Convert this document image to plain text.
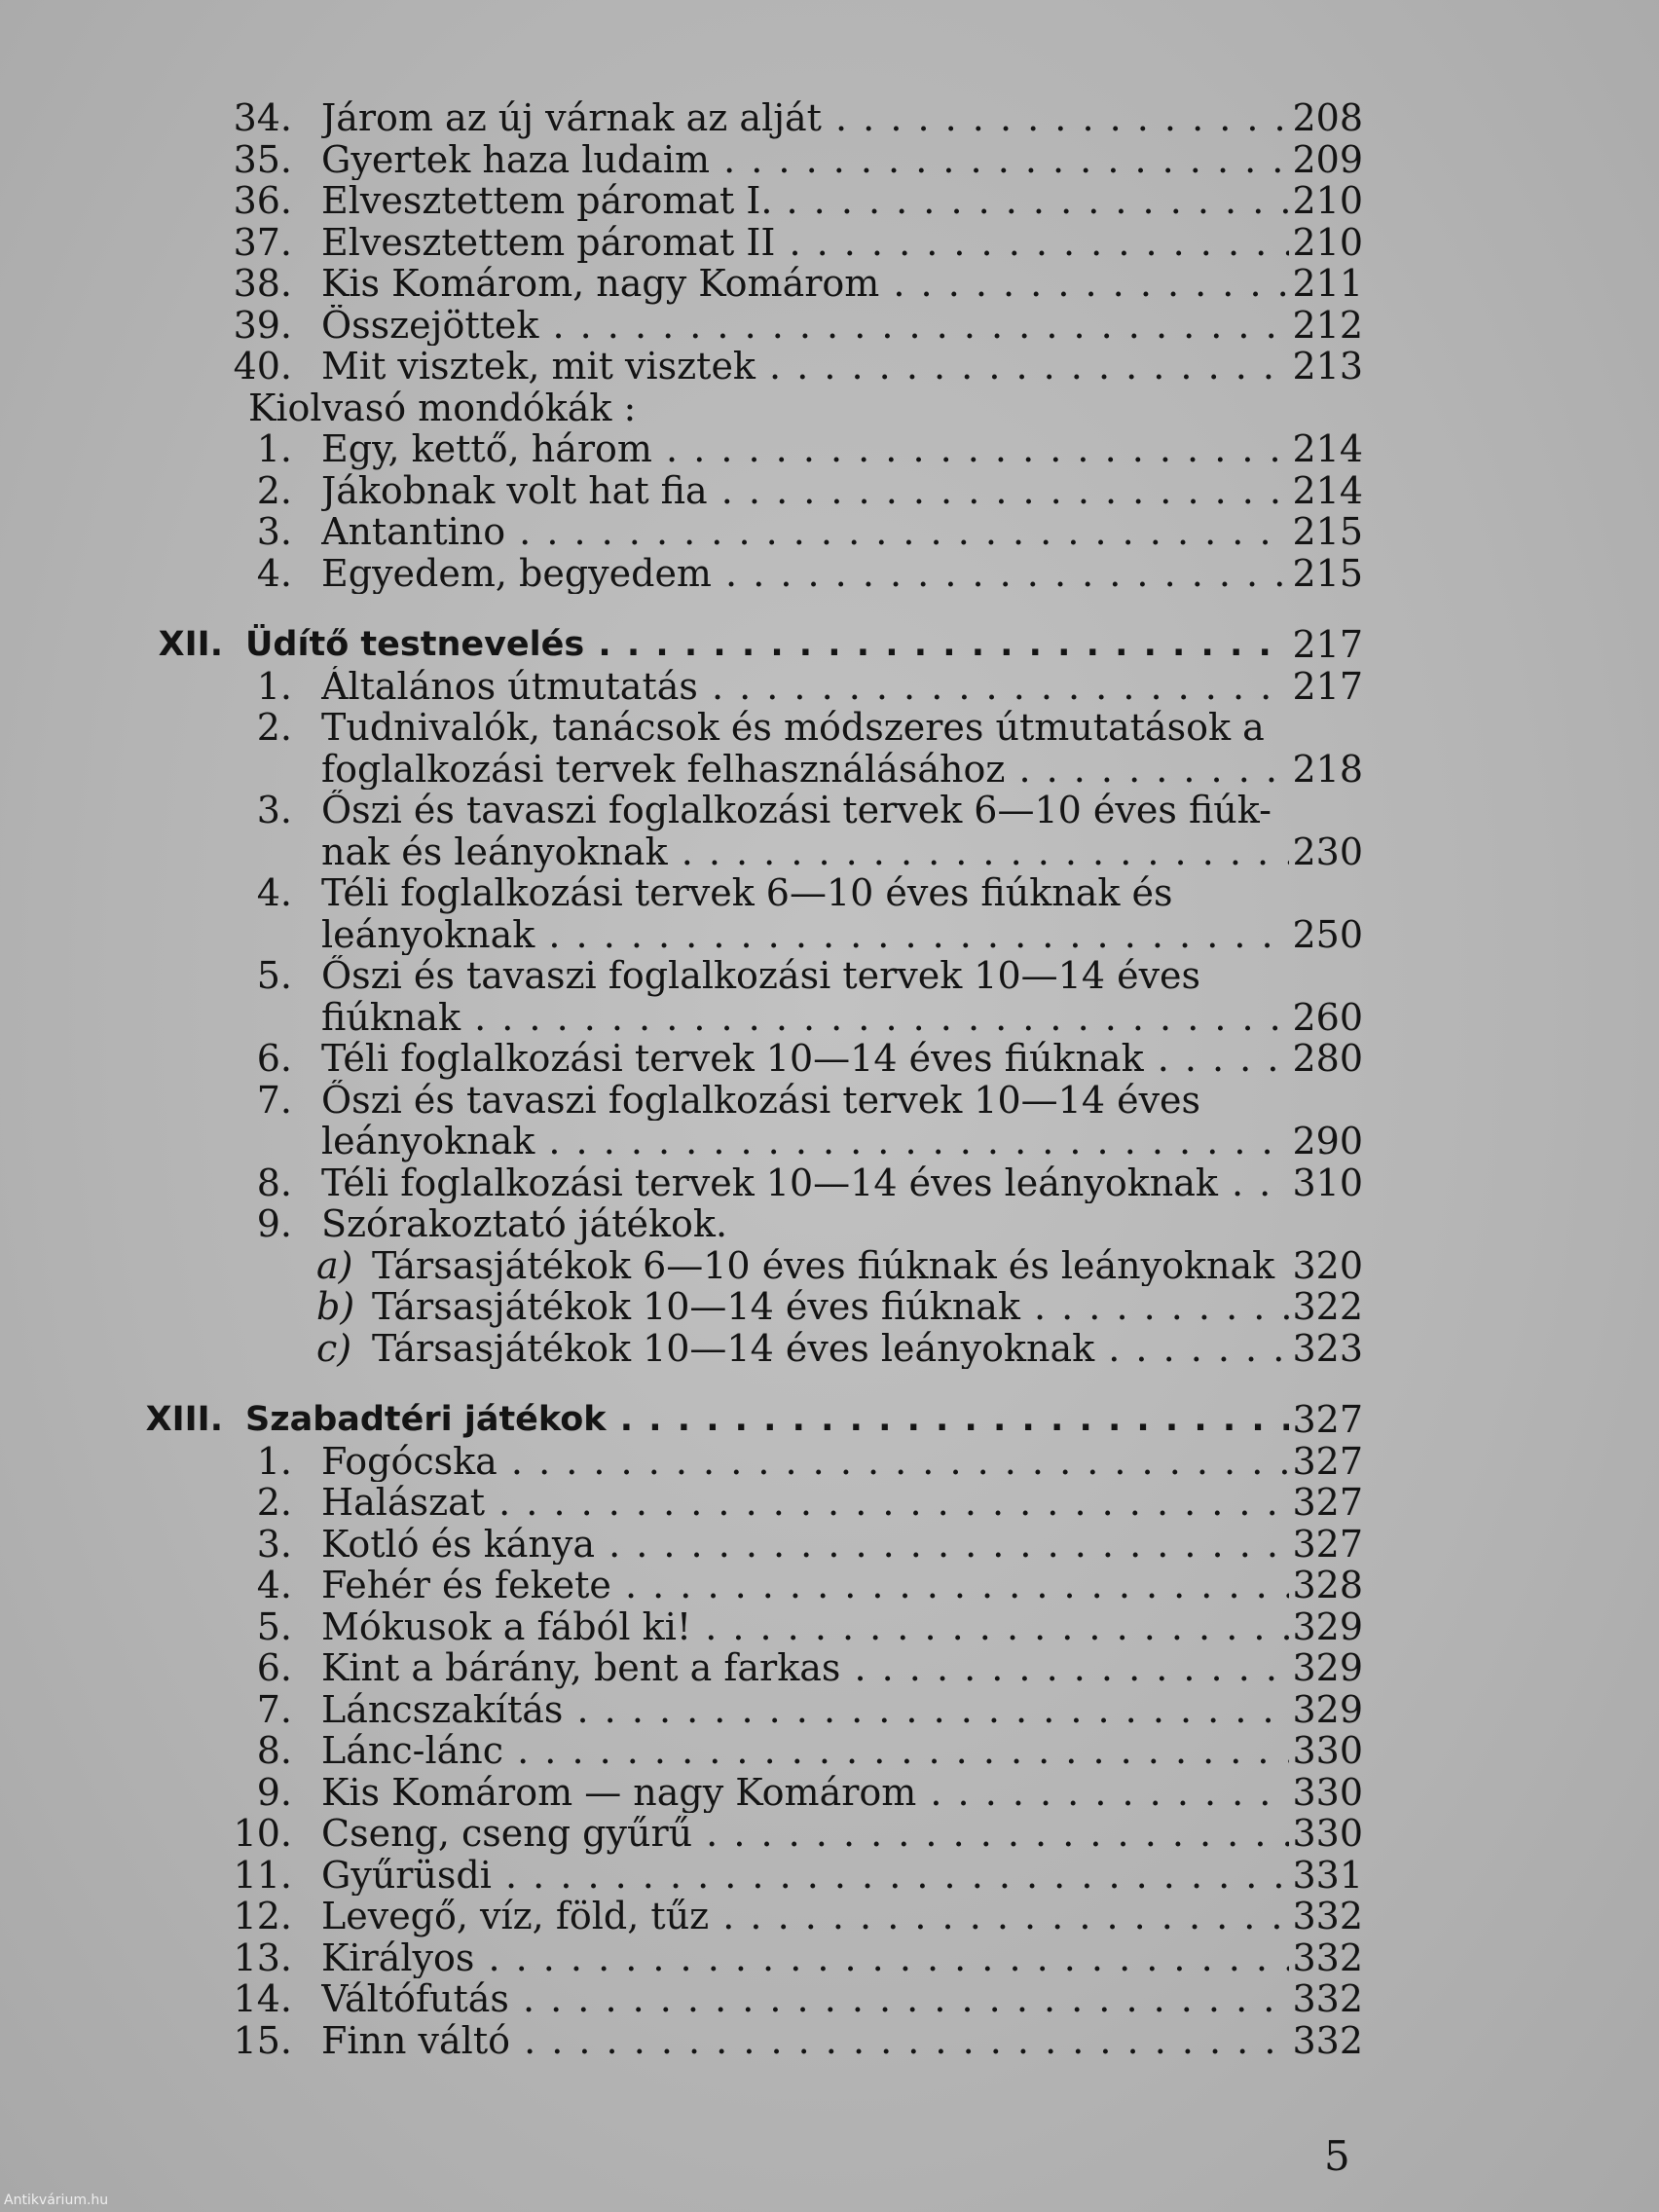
34. Járom az új várnak az alját . . .	208
35. Gyertek haza ludaim . . .	209
36. Elvesztettem páromat I. . . .	210
37. Elvesztettem páromat II . . .	210
38. Kis Komárom, nagy Komárom . . .	211
39. Összejöttek . . .	212
40. Mit visztek, mit visztek . . .	213
Kiolvasó mondókák :
1. Egy, kettő, három . . .	214
2. Jákobnak volt hat fia . . .	214
3. Antantino . . .	215
4. Egyedem, begyedem . . .	215
XII. Üdítő testnevelés . . .	217
1. Általános útmutatás . . .	217
2. Tudnivalók, tanácsok és módszeres útmutatások a
foglalkozási tervek felhasználásához . . .	218
3. Őszi és tavaszi foglalkozási tervek 6—10 éves fiúk-
nak és leányoknak . . .	230
4. Téli foglalkozási tervek 6—10 éves fiúknak és
leányoknak . . .	250
5. Őszi és tavaszi foglalkozási tervek 10—14 éves
fiúknak . . .	260
6. Téli foglalkozási tervek 10—14 éves fiúknak . . .	280
7. Őszi és tavaszi foglalkozási tervek 10—14 éves
leányoknak . . .	290
8. Téli foglalkozási tervek 10—14 éves leányoknak . . .	310
9. Szórakoztató játékok.
a) Társasjátékok 6—10 éves fiúknak és leányoknak . . . 320
b) Társasjátékok 10—14 éves fiúknak . . .	322
c) Társasjátékok 10—14 éves leányoknak . . .	323
XIII. Szabadtéri játékok . . .	327
1. Fogócska . . .	327
2. Halászat . . .	327
3. Kotló és kánya . . .	327
4. Fehér és fekete . . .	328
5. Mókusok a fából ki! . . .	329
6. Kint a bárány, bent a farkas . . .	329
7. Láncszakítás . . .	329
8. Lánc-lánc . . .	330
9. Kis Komárom — nagy Komárom . . .	330
10. Cseng, cseng gyűrű . . .	330
11. Gyűrüsdi . . .	331
12. Levegő, víz, föld, tűz . . .	332
13. Királyos . . .	332
14. Váltófutás . . .	332
15. Finn váltó . . .	332
5
Antikvárium.hu
